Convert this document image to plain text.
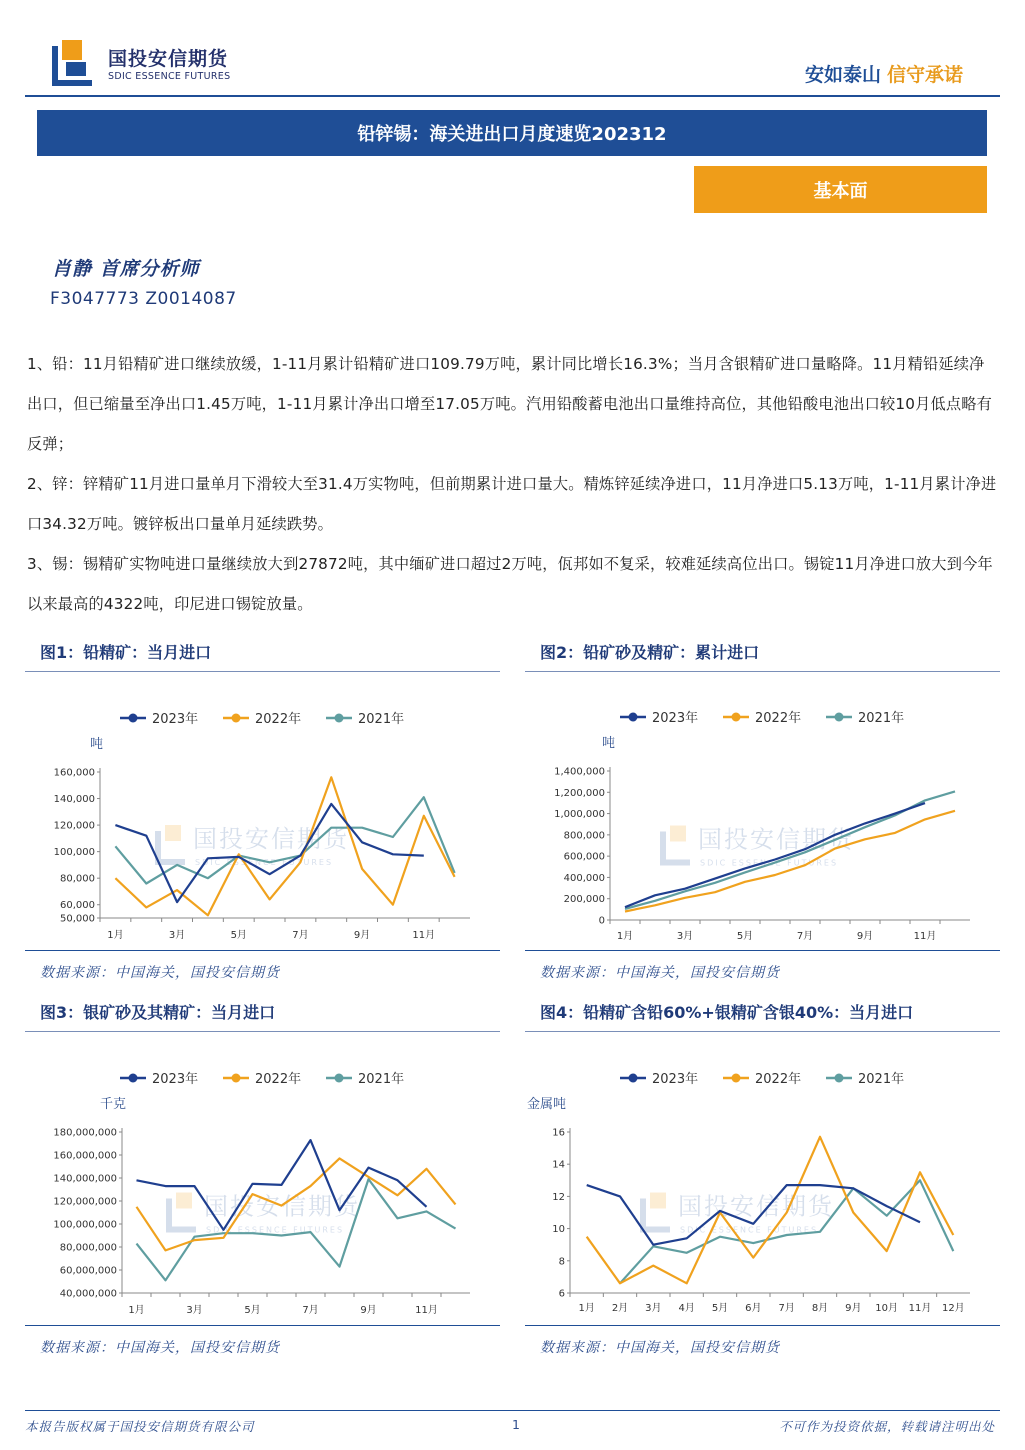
国投安信期货
SDIC ESSENCE FUTURES	安如泰山 信守承诺
铅锌锡：海关进出口月度速览202312
基本面
肖静 首席分析师
F3047773 Z0014087
1、铅：11月铅精矿进口继续放缓，1-11月累计铅精矿进口109.79万吨，累计同比增长16.3%；当月含银精矿进口量略降。11月精铅延续净出口，但已缩量至净出口1.45万吨，1-11月累计净出口增至17.05万吨。汽用铅酸蓄电池出口量维持高位，其他铅酸电池出口较10月低点略有反弹；
2、锌：锌精矿11月进口量单月下滑较大至31.4万实物吨，但前期累计进口量大。精炼锌延续净进口，11月净进口5.13万吨，1-11月累计净进口34.32万吨。镀锌板出口量单月延续跌势。
3、锡：锡精矿实物吨进口量继续放大到27872吨，其中缅矿进口超过2万吨，佤邦如不复采，较难延续高位出口。锡锭11月净进口放大到今年以来最高的4322吨，印尼进口锡锭放量。
图1：铅精矿：当月进口
国投安信期货
SDIC ESSENCE FUTURES
2023年	2022年	2021年
吨
50,000
60,000
80,000
100,000
120,000
140,000
160,000
1月	3月	5月	7月	9月	11月
数据来源：中国海关，国投安信期货
图2：铅矿砂及精矿：累计进口
国投安信期货
SDIC ESSENCE FUTURES
2023年	2022年	2021年
吨
0
200,000
400,000
600,000
800,000
1,000,000
1,200,000
1,400,000
1月	3月	5月	7月	9月	11月
数据来源：中国海关，国投安信期货
图3：银矿砂及其精矿：当月进口
国投安信期货
SDIC ESSENCE FUTURES
2023年	2022年	2021年
千克
40,000,000
60,000,000
80,000,000
100,000,000
120,000,000
140,000,000
160,000,000
180,000,000
1月	3月	5月	7月	9月	11月
数据来源：中国海关，国投安信期货
图4：铅精矿含铅60%+银精矿含银40%：当月进口
国投安信期货
SDIC ESSENCE FUTURES
2023年	2022年	2021年
金属吨
6
8
10
12
14
16
1月 2月 3月 4月 5月 6月 7月 8月 9月 10月 11月 12月
数据来源：中国海关，国投安信期货
本报告版权属于国投安信期货有限公司	1	不可作为投资依据，转载请注明出处
